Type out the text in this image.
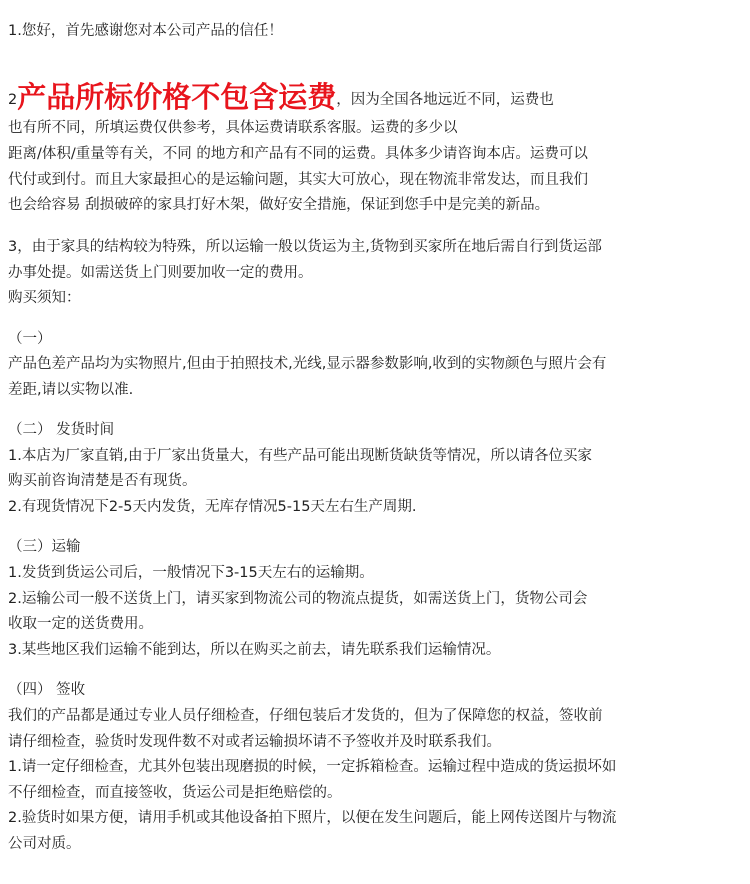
1.您好，首先感谢您对本公司产品的信任！
2产品所标价格不包含运费，因为全国各地远近不同，运费也
也有所不同，所填运费仅供参考，具体运费请联系客服。运费的多少以
距离/体积/重量等有关，不同 的地方和产品有不同的运费。具体多少请咨询本店。运费可以
代付或到付。而且大家最担心的是运输问题，其实大可放心，现在物流非常发达，而且我们
也会给容易 刮损破碎的家具打好木架，做好安全措施，保证到您手中是完美的新品。
3，由于家具的结构较为特殊，所以运输一般以货运为主,货物到买家所在地后需自行到货运部
办事处提。如需送货上门则要加收一定的费用。
购买须知：
（一）
产品色差产品均为实物照片,但由于拍照技术,光线,显示器参数影响,收到的实物颜色与照片会有
差距,请以实物以准.
（二） 发货时间
1.本店为厂家直销,由于厂家出货量大，有些产品可能出现断货缺货等情况，所以请各位买家
购买前咨询清楚是否有现货。
2.有现货情况下2-5天内发货，无库存情况5-15天左右生产周期.
（三）运输
1.发货到货运公司后，一般情况下3-15天左右的运输期。
2.运输公司一般不送货上门，请买家到物流公司的物流点提货，如需送货上门，货物公司会
收取一定的送货费用。
3.某些地区我们运输不能到达，所以在购买之前去，请先联系我们运输情况。
（四） 签收
我们的产品都是通过专业人员仔细检查，仔细包装后才发货的，但为了保障您的权益，签收前
请仔细检查，验货时发现件数不对或者运输损坏请不予签收并及时联系我们。
1.请一定仔细检查，尤其外包装出现磨损的时候，一定拆箱检查。运输过程中造成的货运损坏如
不仔细检查，而直接签收，货运公司是拒绝赔偿的。
2.验货时如果方便，请用手机或其他设备拍下照片，以便在发生问题后，能上网传送图片与物流
公司对质。
